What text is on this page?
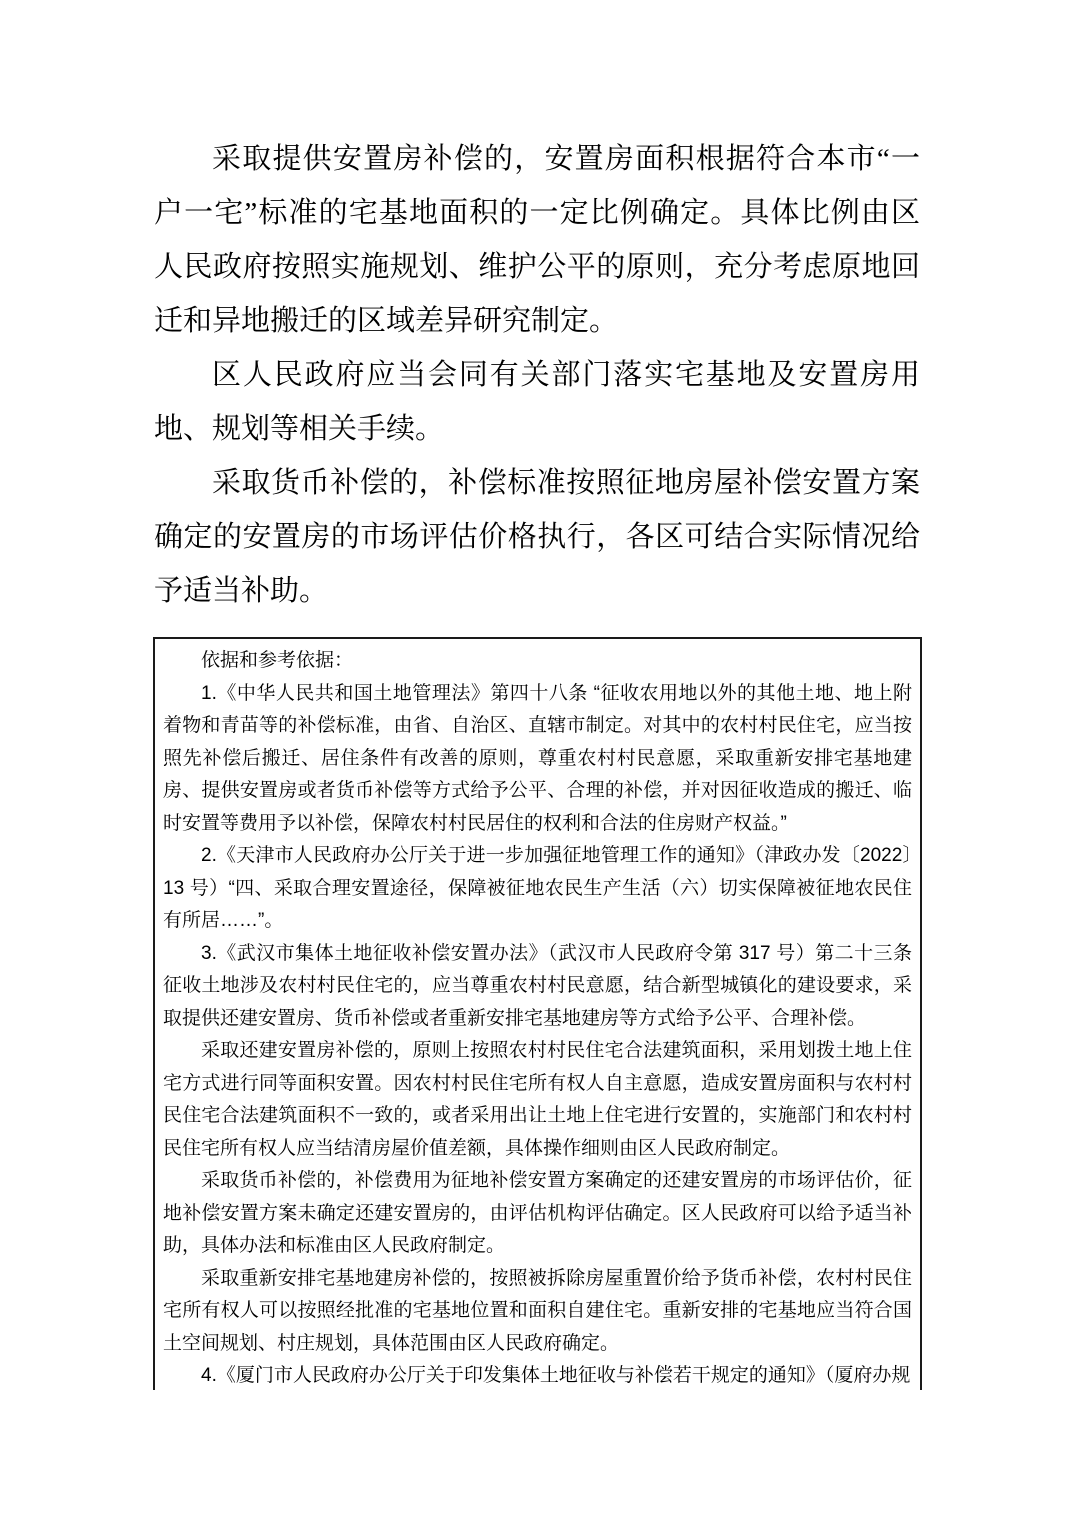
采取提供安置房补偿的，安置房面积根据符合本市“一户一宅”标准的宅基地面积的一定比例确定。具体比例由区人民政府按照实施规划、维护公平的原则，充分考虑原地回迁和异地搬迁的区域差异研究制定。

区人民政府应当会同有关部门落实宅基地及安置房用地、规划等相关手续。

采取货币补偿的，补偿标准按照征地房屋补偿安置方案确定的安置房的市场评估价格执行，各区可结合实际情况给予适当补助。

依据和参考依据：

1.《中华人民共和国土地管理法》第四十八条 “征收农用地以外的其他土地、地上附着物和青苗等的补偿标准，由省、自治区、直辖市制定。对其中的农村村民住宅，应当按照先补偿后搬迁、居住条件有改善的原则，尊重农村村民意愿，采取重新安排宅基地建房、提供安置房或者货币补偿等方式给予公平、合理的补偿，并对因征收造成的搬迁、临时安置等费用予以补偿，保障农村村民居住的权利和合法的住房财产权益。”

2.《天津市人民政府办公厅关于进一步加强征地管理工作的通知》（津政办发〔2022〕13 号）“四、采取合理安置途径，保障被征地农民生产生活（六）切实保障被征地农民住有所居……”。

3.《武汉市集体土地征收补偿安置办法》（武汉市人民政府令第 317 号）第二十三条 征收土地涉及农村村民住宅的，应当尊重农村村民意愿，结合新型城镇化的建设要求，采取提供还建安置房、货币补偿或者重新安排宅基地建房等方式给予公平、合理补偿。

采取还建安置房补偿的，原则上按照农村村民住宅合法建筑面积，采用划拨土地上住宅方式进行同等面积安置。因农村村民住宅所有权人自主意愿，造成安置房面积与农村村民住宅合法建筑面积不一致的，或者采用出让土地上住宅进行安置的，实施部门和农村村民住宅所有权人应当结清房屋价值差额，具体操作细则由区人民政府制定。

采取货币补偿的，补偿费用为征地补偿安置方案确定的还建安置房的市场评估价，征地补偿安置方案未确定还建安置房的，由评估机构评估确定。区人民政府可以给予适当补助，具体办法和标准由区人民政府制定。

采取重新安排宅基地建房补偿的，按照被拆除房屋重置价给予货币补偿，农村村民住宅所有权人可以按照经批准的宅基地位置和面积自建住宅。重新安排的宅基地应当符合国土空间规划、村庄规划，具体范围由区人民政府确定。

4.《厦门市人民政府办公厅关于印发集体土地征收与补偿若干规定的通知》（厦府办规
